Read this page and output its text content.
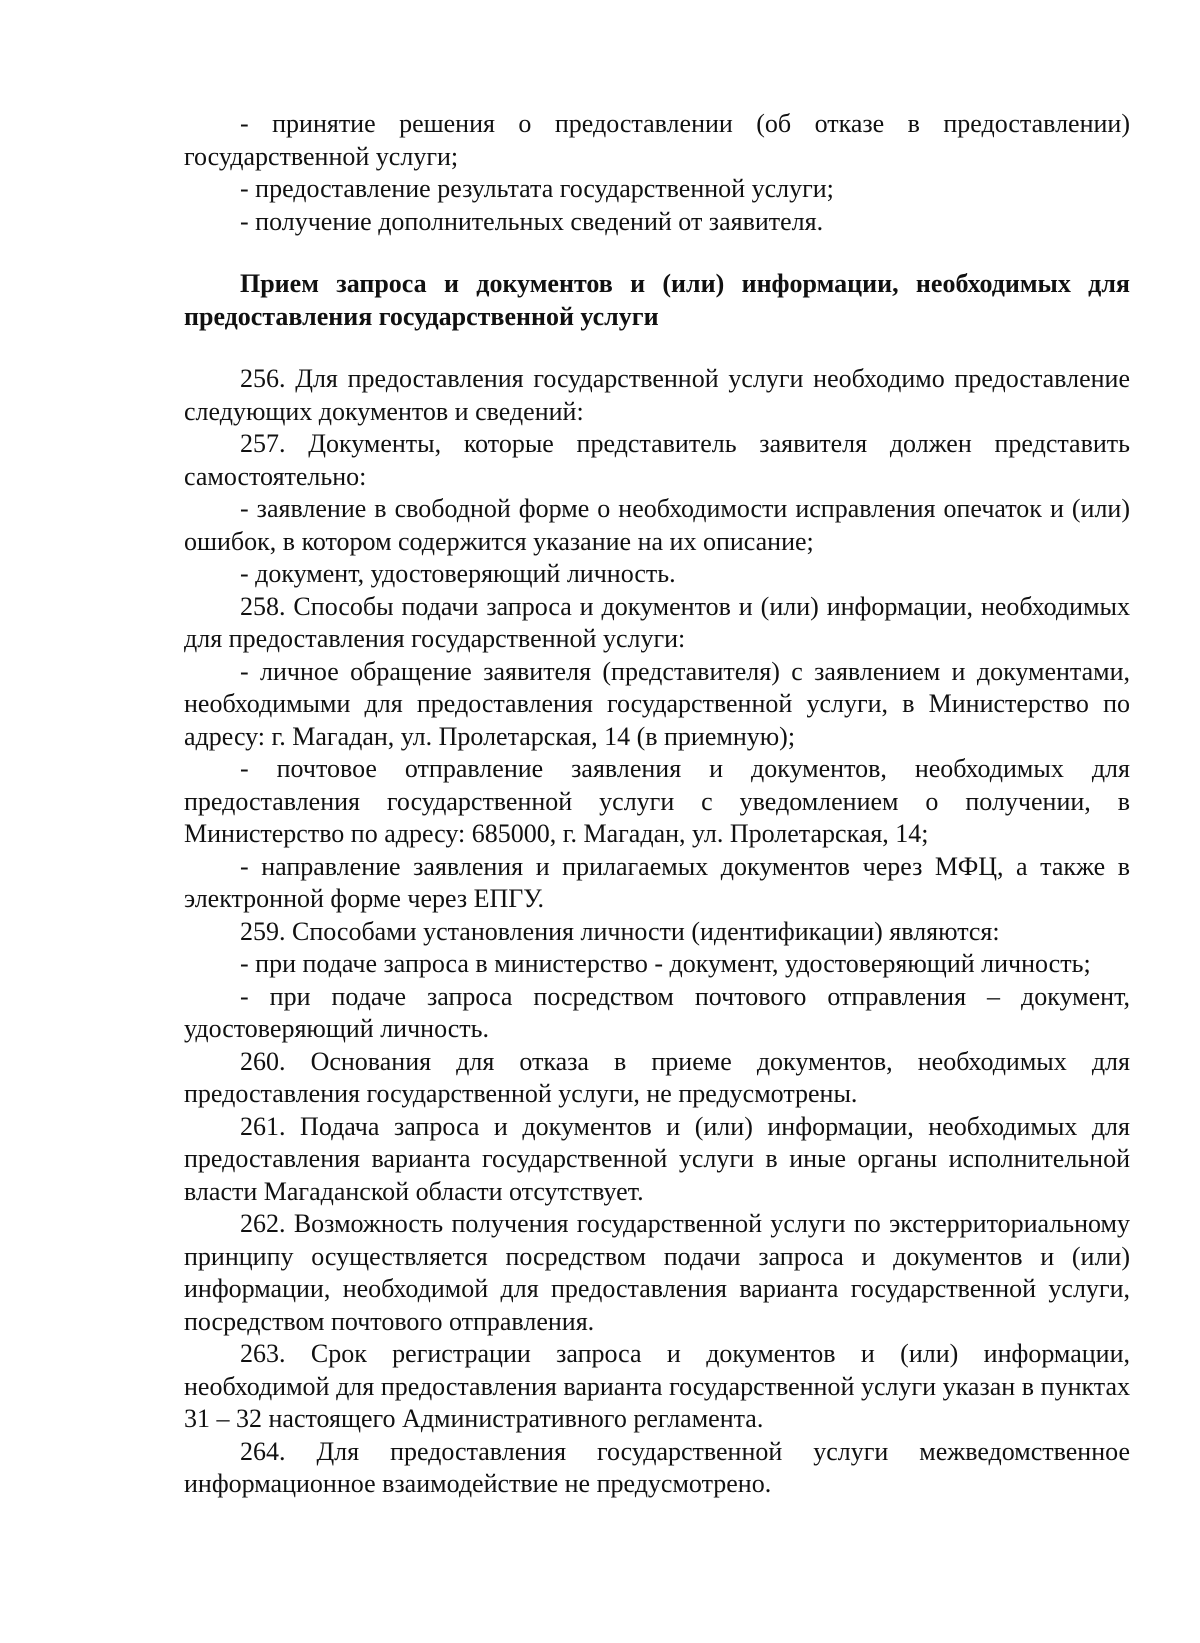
- принятие решения о предоставлении (об отказе в предоставлении) государственной услуги;

- предоставление результата государственной услуги;

- получение дополнительных сведений от заявителя.

Прием запроса и документов и (или) информации, необходимых для предоставления государственной услуги

256. Для предоставления государственной услуги необходимо предоставление следующих документов и сведений:

257. Документы, которые представитель заявителя должен представить самостоятельно:

- заявление в свободной форме о необходимости исправления опечаток и (или) ошибок, в котором содержится указание на их описание;

- документ, удостоверяющий личность.

258. Способы подачи запроса и документов и (или) информации, необходимых для предоставления государственной услуги:

- личное обращение заявителя (представителя) с заявлением и документами, необходимыми для предоставления государственной услуги, в Министерство по адресу: г. Магадан, ул. Пролетарская, 14 (в приемную);

- почтовое отправление заявления и документов, необходимых для предоставления государственной услуги с уведомлением о получении, в Министерство по адресу: 685000, г. Магадан, ул. Пролетарская, 14;

- направление заявления и прилагаемых документов через МФЦ, а также в электронной форме через ЕПГУ.

259. Способами установления личности (идентификации) являются:

- при подаче запроса в министерство - документ, удостоверяющий личность;

- при подаче запроса посредством почтового отправления – документ, удостоверяющий личность.

260. Основания для отказа в приеме документов, необходимых для предоставления государственной услуги, не предусмотрены.

261. Подача запроса и документов и (или) информации, необходимых для предоставления варианта государственной услуги в иные органы исполнительной власти Магаданской области отсутствует.

262. Возможность получения государственной услуги по экстерриториальному принципу осуществляется посредством подачи запроса и документов и (или) информации, необходимой для предоставления варианта государственной услуги, посредством почтового отправления.

263. Срок регистрации запроса и документов и (или) информации, необходимой для предоставления варианта государственной услуги указан в пунктах 31 – 32 настоящего Административного регламента.

264. Для предоставления государственной услуги межведомственное информационное взаимодействие не предусмотрено.
